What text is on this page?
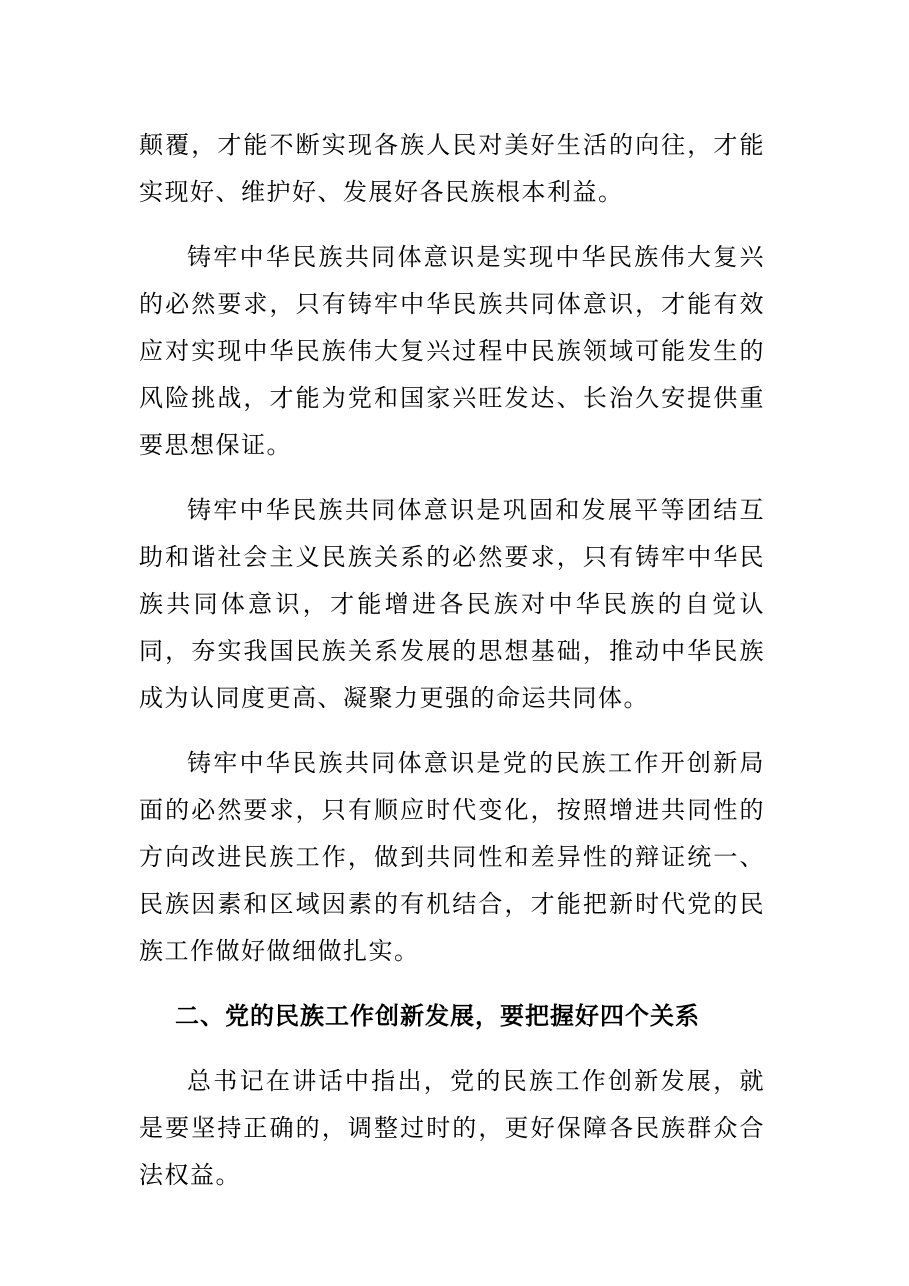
颠覆，才能不断实现各族人民对美好生活的向往，才能实现好、维护好、发展好各民族根本利益。

铸牢中华民族共同体意识是实现中华民族伟大复兴的必然要求，只有铸牢中华民族共同体意识，才能有效应对实现中华民族伟大复兴过程中民族领域可能发生的风险挑战，才能为党和国家兴旺发达、长治久安提供重要思想保证。

铸牢中华民族共同体意识是巩固和发展平等团结互助和谐社会主义民族关系的必然要求，只有铸牢中华民族共同体意识，才能增进各民族对中华民族的自觉认同，夯实我国民族关系发展的思想基础，推动中华民族成为认同度更高、凝聚力更强的命运共同体。

铸牢中华民族共同体意识是党的民族工作开创新局面的必然要求，只有顺应时代变化，按照增进共同性的方向改进民族工作，做到共同性和差异性的辩证统一、民族因素和区域因素的有机结合，才能把新时代党的民族工作做好做细做扎实。

二、党的民族工作创新发展，要把握好四个关系

总书记在讲话中指出，党的民族工作创新发展，就是要坚持正确的，调整过时的，更好保障各民族群众合法权益。
